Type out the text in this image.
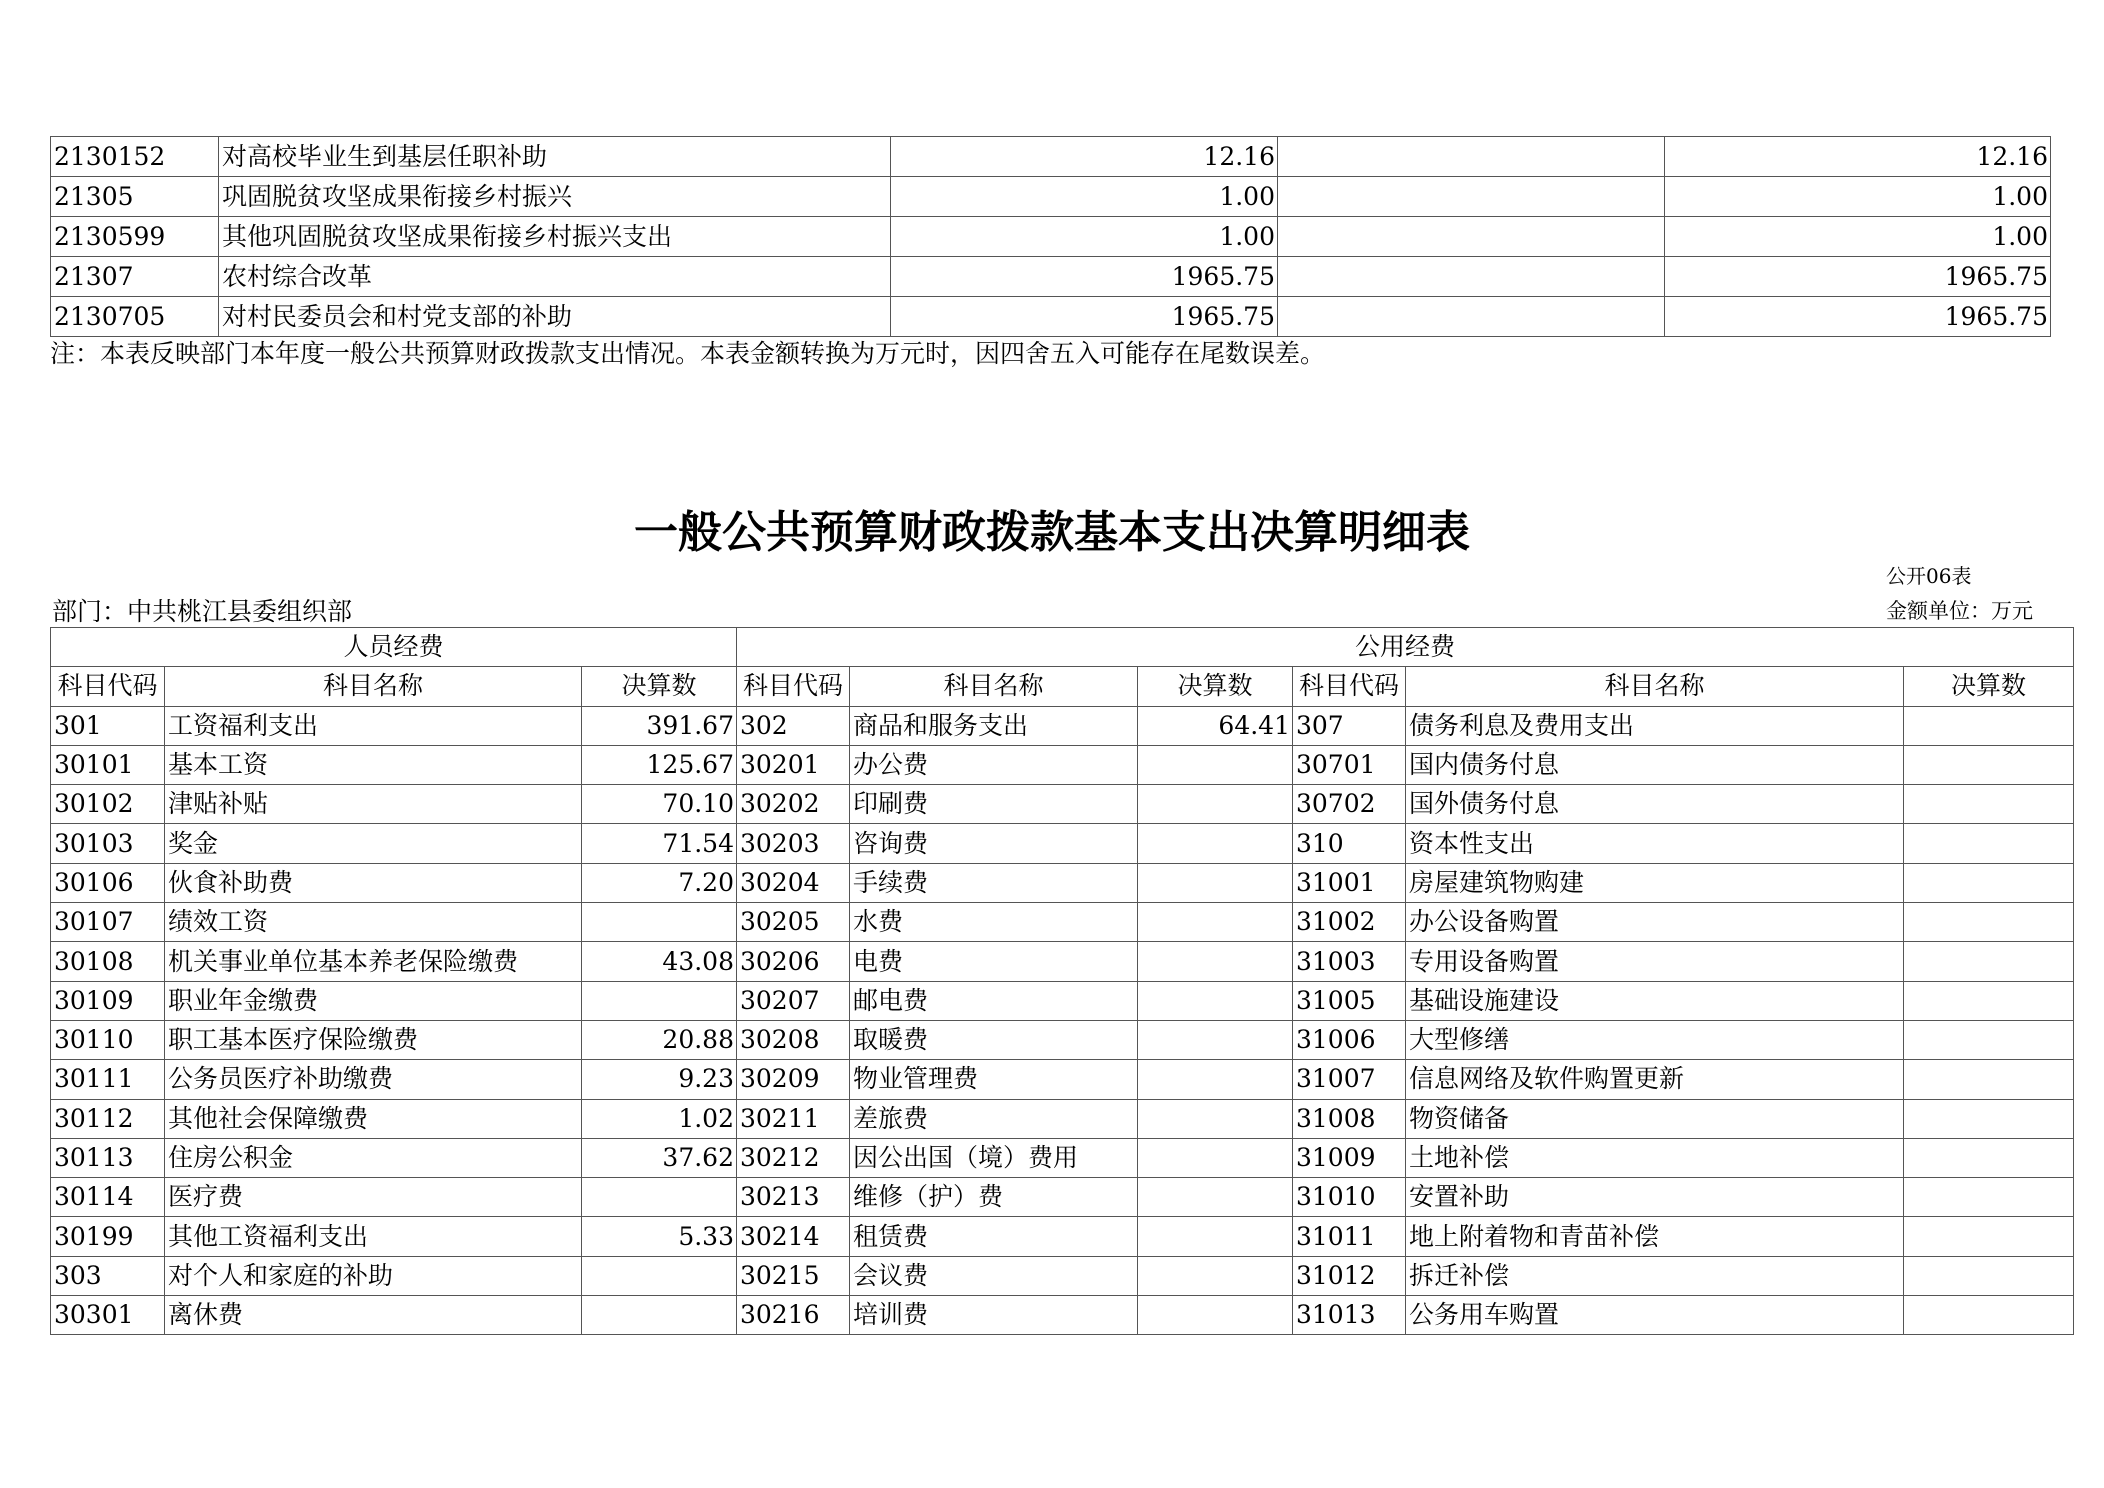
2130152	对高校毕业生到基层任职补助	12.16		12.16
21305	巩固脱贫攻坚成果衔接乡村振兴	1.00		1.00
2130599	其他巩固脱贫攻坚成果衔接乡村振兴支出	1.00		1.00
21307	农村综合改革	1965.75		1965.75
2130705	对村民委员会和村党支部的补助	1965.75		1965.75
注：本表反映部门本年度一般公共预算财政拨款支出情况。本表金额转换为万元时，因四舍五入可能存在尾数误差。
一般公共预算财政拨款基本支出决算明细表
公开06表
部门：中共桃江县委组织部	金额单位：万元
人员经费			公用经费					
科目代码	科目名称	决算数	科目代码	科目名称	决算数	科目代码	科目名称	决算数
301	工资福利支出	391.67	302	商品和服务支出	64.41	307	债务利息及费用支出	
30101	基本工资	125.67	30201	办公费		30701	国内债务付息	
30102	津贴补贴	70.10	30202	印刷费		30702	国外债务付息	
30103	奖金	71.54	30203	咨询费		310	资本性支出	
30106	伙食补助费	7.20	30204	手续费		31001	房屋建筑物购建	
30107	绩效工资		30205	水费		31002	办公设备购置	
30108	机关事业单位基本养老保险缴费	43.08	30206	电费		31003	专用设备购置	
30109	职业年金缴费		30207	邮电费		31005	基础设施建设	
30110	职工基本医疗保险缴费	20.88	30208	取暖费		31006	大型修缮	
30111	公务员医疗补助缴费	9.23	30209	物业管理费		31007	信息网络及软件购置更新	
30112	其他社会保障缴费	1.02	30211	差旅费		31008	物资储备	
30113	住房公积金	37.62	30212	因公出国（境）费用		31009	土地补偿	
30114	医疗费		30213	维修（护）费		31010	安置补助	
30199	其他工资福利支出	5.33	30214	租赁费		31011	地上附着物和青苗补偿	
303	对个人和家庭的补助		30215	会议费		31012	拆迁补偿	
30301	离休费		30216	培训费		31013	公务用车购置	
